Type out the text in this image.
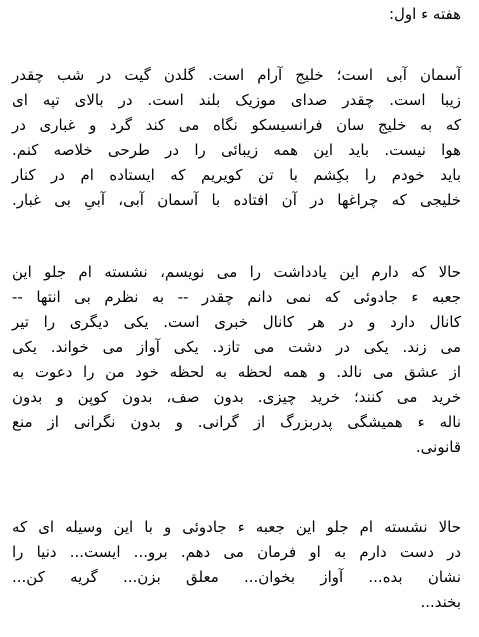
هفته ء اول:
آسمان آبی است؛ خلیج آرام است. گلدن گیت در شب چقدر
زیبا است. چقدر صدای موزیک بلند است. در بالای تپه ای
که به خلیج سان فرانسیسکو نگاه می کند گرد و غباری در
هوا نیست. باید این همه زیبائی را در طرحی خلاصه کنم.
باید خودم را بکِشم با تن کویریم که ایستاده ام در کنار
خلیجی که چراغها در آن افتاده با آسمان آبی، آبیِ بی غبار.
حالا که دارم این یادداشت را می نویسم، نشسته ام جلو این
جعبه ء جادوئی که نمی دانم چقدر -- به نظرم بی انتها --
کانال دارد و در هر کانال خبری است. یکی دیگری را تیر
می زند. یکی در دشت می تازد. یکی آواز می خواند. یکی
از عشق می نالد. و همه لحظه به لحظه خود من را دعوت به
خرید می کنند؛ خرید چیزی. بدون صف، بدون کوپن و بدون
ناله ء همیشگی پدربزرگ از گرانی. و بدون نگرانی از منع
قانونی.
حالا نشسته ام جلو این جعبه ء جادوئی و با این وسیله ای که
در دست دارم به او فرمان می دهم. برو... ایست... دنیا را
نشان بده... آواز بخوان... معلق بزن... گریه کن...
بخند...
